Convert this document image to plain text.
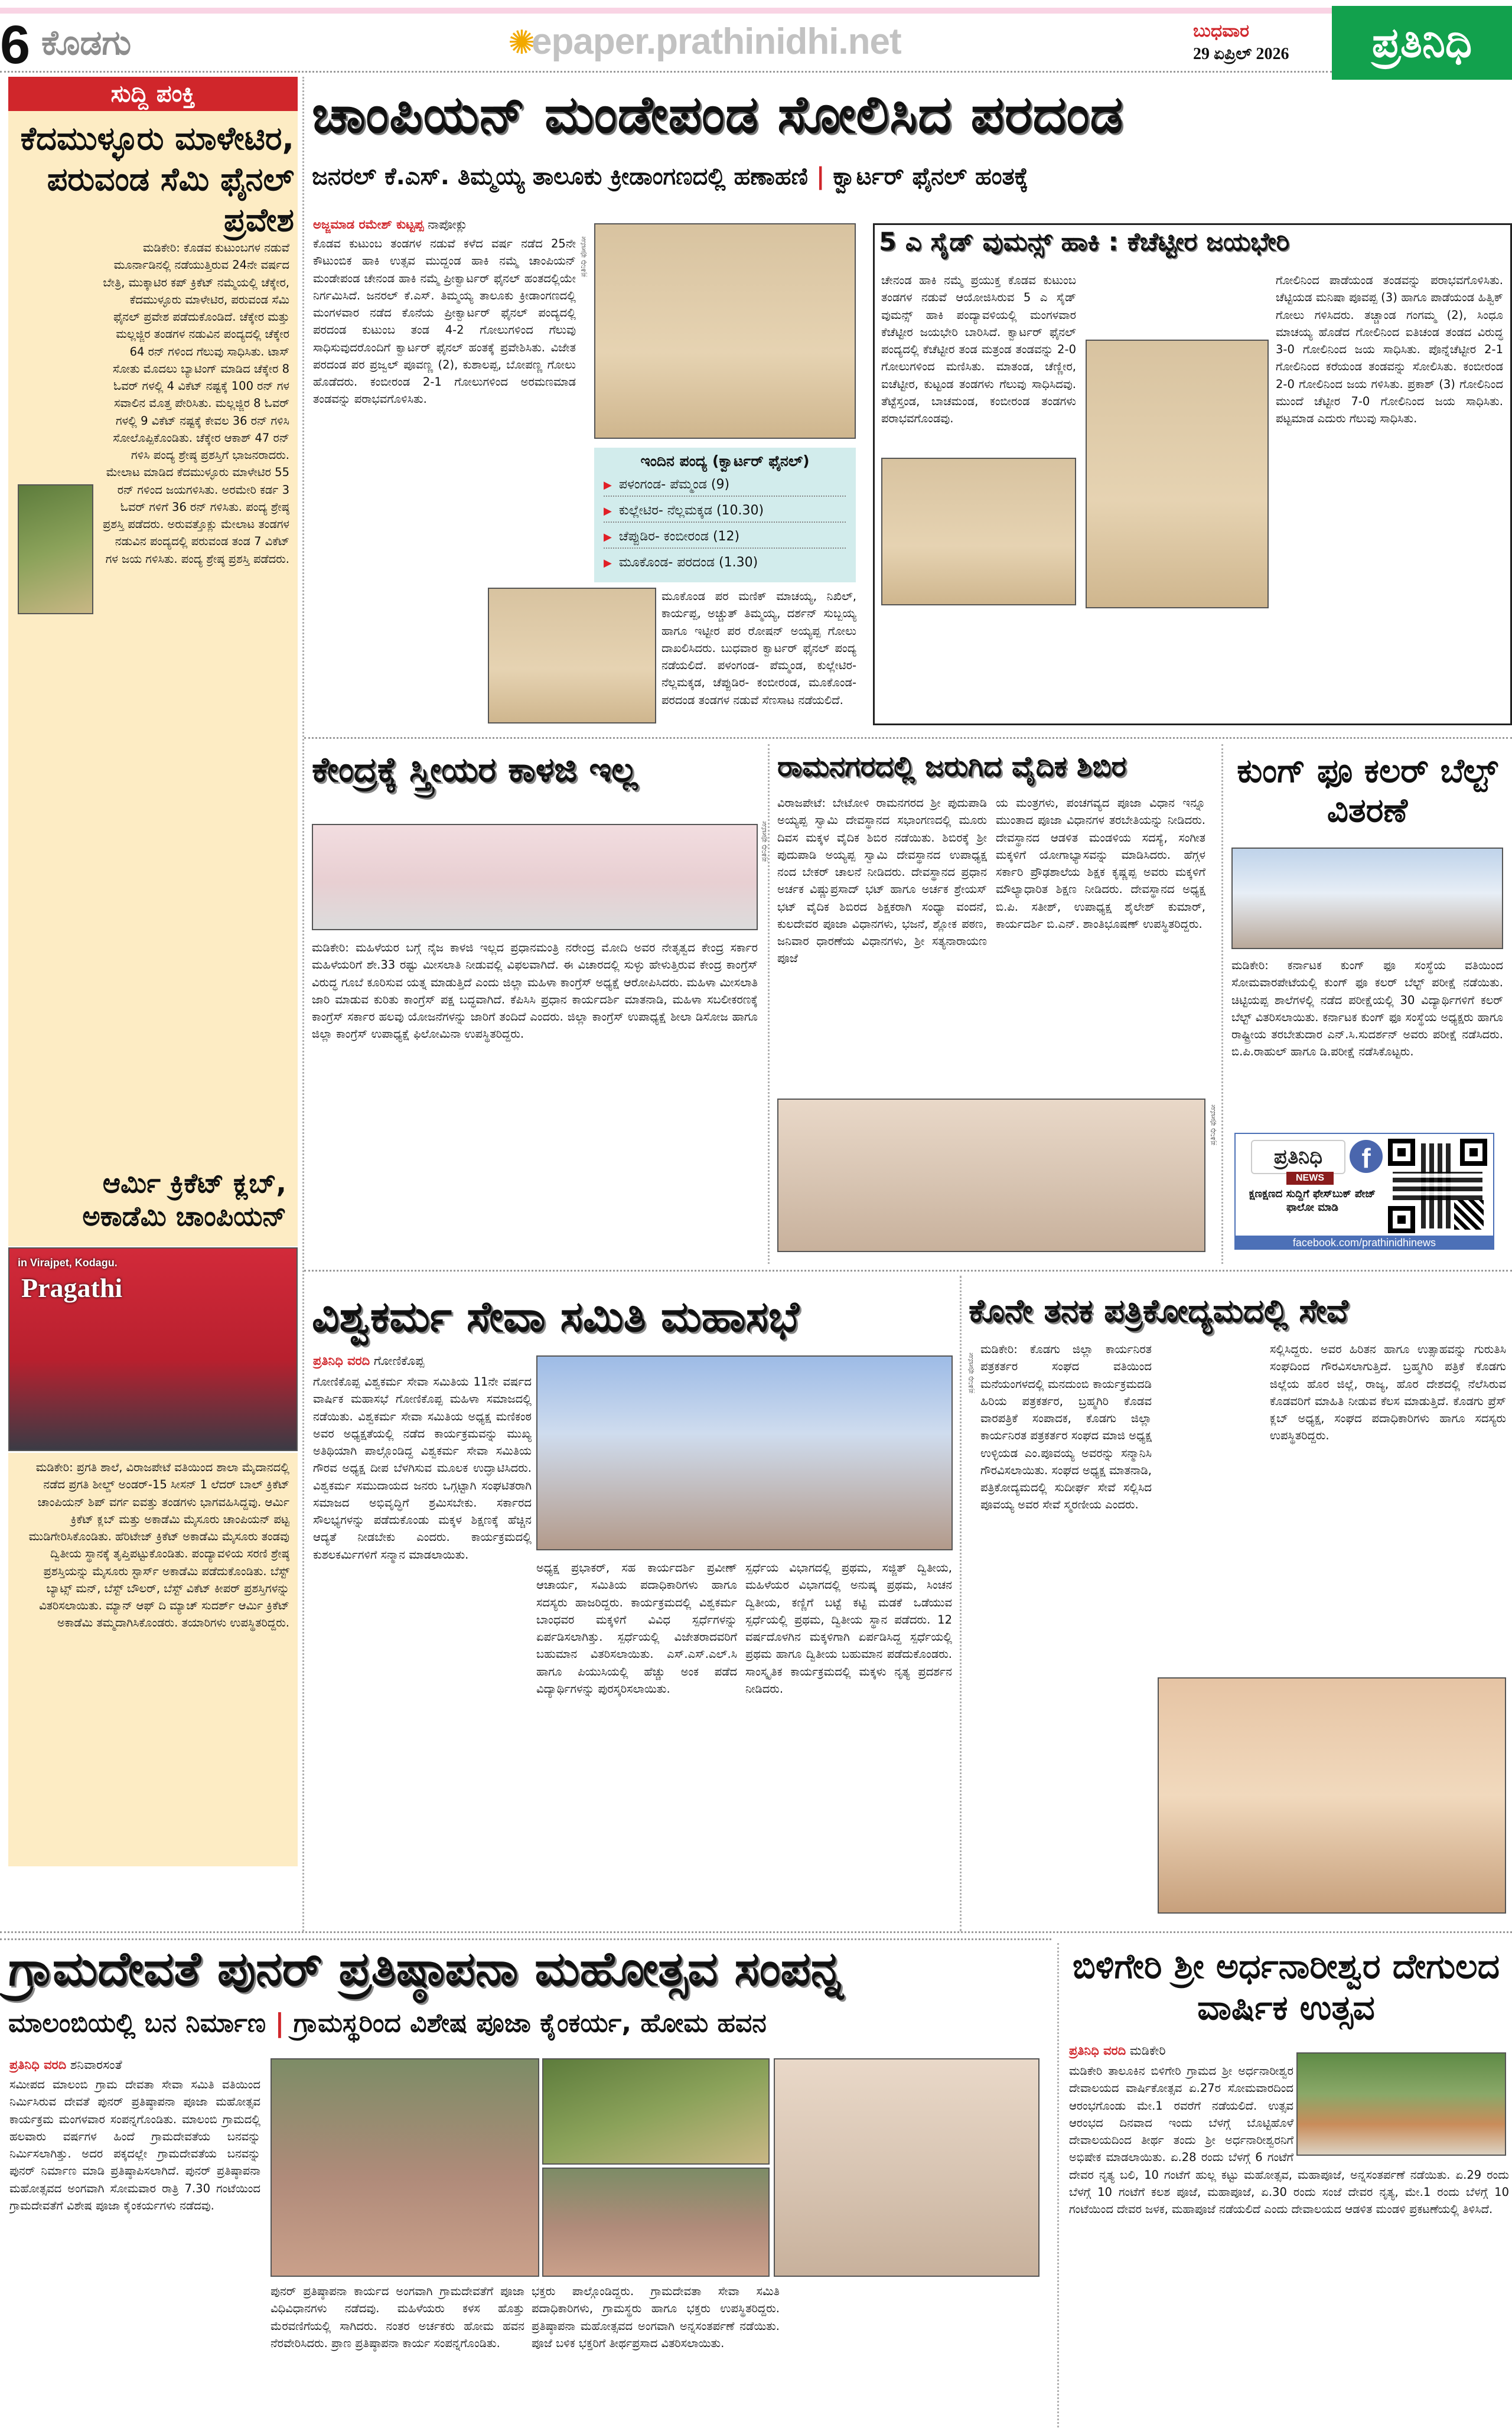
6 ಕೊಡಗು	✺
epaper.prathinidhi.net	ಬುಧವಾರ
29 ಏಪ್ರಿಲ್ 2026	ಪ್ರತಿನಿಧಿ
ಸುದ್ದಿ ಪಂಕ್ತಿ
ಕೆದಮುಳ್ಳೂರು ಮಾಳೇಟಿರ, ಪರುವಂಡ ಸೆಮಿ ಫೈನಲ್ ಪ್ರವೇಶ
ಮಡಿಕೇರಿ: ಕೊಡವ ಕುಟುಂಬಗಳ ನಡುವೆ ಮೂರ್ನಾಡಿನಲ್ಲಿ ನಡೆಯುತ್ತಿರುವ 24ನೇ ವರ್ಷದ ಬೇತ್ರಿ, ಮುಕ್ಕಾಟಿರ ಕಪ್ ಕ್ರಿಕೆಟ್ ನಮ್ಮೆಯಲ್ಲಿ ಚೆಕ್ಕೇರ, ಕೆದಮುಳ್ಳೂರು ಮಾಳೇಟಿರ, ಪರುವಂಡ ಸೆಮಿ ಫೈನಲ್ ಪ್ರವೇಶ ಪಡೆದುಕೊಂಡಿದೆ. ಚೆಕ್ಕೇರ ಮತ್ತು ಮಲ್ಲಜ್ಜಿರ ತಂಡಗಳ ನಡುವಿನ ಪಂದ್ಯದಲ್ಲಿ ಚೆಕ್ಕೇರ 64 ರನ್ ಗಳಿಂದ ಗೆಲುವು ಸಾಧಿಸಿತು. ಟಾಸ್ ಸೋತು ಮೊದಲು ಬ್ಯಾಟಿಂಗ್ ಮಾಡಿದ ಚೆಕ್ಕೇರ 8 ಓವರ್ ಗಳಲ್ಲಿ 4 ವಿಕೆಟ್ ನಷ್ಟಕ್ಕೆ 100 ರನ್ ಗಳ ಸವಾಲಿನ ಮೊತ್ತ ಪೇರಿಸಿತು. ಮಲ್ಲಜ್ಜಿರ 8 ಓವರ್ ಗಳಲ್ಲಿ 9 ವಿಕೆಟ್ ನಷ್ಟಕ್ಕೆ ಕೇವಲ 36 ರನ್ ಗಳಿಸಿ ಸೋಲೊಪ್ಪಿಕೊಂಡಿತು. ಚೆಕ್ಕೇರ ಆಕಾಶ್ 47 ರನ್ ಗಳಿಸಿ ಪಂದ್ಯ ಶ್ರೇಷ್ಠ ಪ್ರಶಸ್ತಿಗೆ ಭಾಜನರಾದರು. ಮೇಲಾಟ ಮಾಡಿದ ಕೆದಮುಳ್ಳೂರು ಮಾಳೇಟಿರ 55 ರನ್ ಗಳಿಂದ ಜಯಗಳಿಸಿತು. ಅರಮೇರಿ ಕರ್ಡ 3 ಓವರ್ ಗಳಿಗೆ 36 ರನ್ ಗಳಿಸಿತು. ಪಂದ್ಯ ಶ್ರೇಷ್ಠ ಪ್ರಶಸ್ತಿ ಪಡೆದರು. ಅರುವತ್ತೊಕ್ಲು ಮೇಲಾಟ ತಂಡಗಳ ನಡುವಿನ ಪಂದ್ಯದಲ್ಲಿ ಪರುವಂಡ ತಂಡ 7 ವಿಕೆಟ್ ಗಳ ಜಯ ಗಳಿಸಿತು. ಪಂದ್ಯ ಶ್ರೇಷ್ಠ ಪ್ರಶಸ್ತಿ ಪಡೆದರು.
ಆರ್ಮಿ ಕ್ರಿಕೆಟ್ ಕ್ಲಬ್, ಅಕಾಡೆಮಿ ಚಾಂಪಿಯನ್
in Virajpet, Kodagu.
Pragathi
ಮಡಿಕೇರಿ: ಪ್ರಗತಿ ಶಾಲೆ, ವಿರಾಜಪೇಟೆ ವತಿಯಿಂದ ಶಾಲಾ ಮೈದಾನದಲ್ಲಿ ನಡೆದ ಪ್ರಗತಿ ಶೀಲ್ಡ್ ಅಂಡರ್-15 ಸೀಸನ್ 1 ಲೆದರ್ ಬಾಲ್ ಕ್ರಿಕೆಟ್ ಚಾಂಪಿಯನ್ ಶಿಪ್ ವರ್ಗ ಐವತ್ತು ತಂಡಗಳು ಭಾಗವಹಿಸಿದ್ದವು. ಆರ್ಮಿ ಕ್ರಿಕೆಟ್ ಕ್ಲಬ್ ಮತ್ತು ಅಕಾಡೆಮಿ ಮೈಸೂರು ಚಾಂಪಿಯನ್ ಪಟ್ಟ ಮುಡಿಗೇರಿಸಿಕೊಂಡಿತು. ಹೆರಿಟೇಜ್ ಕ್ರಿಕೆಟ್ ಅಕಾಡೆಮಿ ಮೈಸೂರು ತಂಡವು ದ್ವಿತೀಯ ಸ್ಥಾನಕ್ಕೆ ತೃಪ್ತಿಪಟ್ಟುಕೊಂಡಿತು. ಪಂದ್ಯಾವಳಿಯ ಸರಣಿ ಶ್ರೇಷ್ಠ ಪ್ರಶಸ್ತಿಯನ್ನು ಮೈಸೂರು ಸ್ಟಾರ್ಸ್ ಅಕಾಡೆಮಿ ಪಡೆದುಕೊಂಡಿತು. ಬೆಸ್ಟ್ ಬ್ಯಾಟ್ಸ್ ಮನ್, ಬೆಸ್ಟ್ ಬೌಲರ್, ಬೆಸ್ಟ್ ವಿಕೆಟ್ ಕೀಪರ್ ಪ್ರಶಸ್ತಿಗಳನ್ನು ವಿತರಿಸಲಾಯಿತು. ಮ್ಯಾನ್ ಆಫ್ ದಿ ಮ್ಯಾಚ್ ಸುದರ್ಶ್ ಆರ್ಮಿ ಕ್ರಿಕೆಟ್ ಅಕಾಡೆಮಿ ತಮ್ಮದಾಗಿಸಿಕೊಂಡರು. ತಯಾರಿಗಳು ಉಪಸ್ಥಿತರಿದ್ದರು.
ಚಾಂಪಿಯನ್ ಮಂಡೇಪಂಡ ಸೋಲಿಸಿದ ಪರದಂಡ
ಜನರಲ್ ಕೆ.ಎಸ್. ತಿಮ್ಮಯ್ಯ ತಾಲೂಕು ಕ್ರೀಡಾಂಗಣದಲ್ಲಿ ಹಣಾಹಣಿ | ಕ್ವಾರ್ಟರ್ ಫೈನಲ್ ಹಂತಕ್ಕೆ
ಅಜ್ಜಮಾಡ ರಮೇಶ್ ಕುಟ್ಟಪ್ಪ ನಾಪೋಕ್ಲು
ಕೊಡವ ಕುಟುಂಬ ತಂಡಗಳ ನಡುವೆ ಕಳೆದ ವರ್ಷ ನಡೆದ 25ನೇ ಕೌಟುಂಬಿಕ ಹಾಕಿ ಉತ್ಸವ ಮುದ್ದಂಡ ಹಾಕಿ ನಮ್ಮೆ ಚಾಂಪಿಯನ್ ಮಂಡೇಪಂಡ ಚೇನಂಡ ಹಾಕಿ ನಮ್ಮೆ ಪ್ರೀಕ್ವಾರ್ಟರ್ ಫೈನಲ್ ಹಂತದಲ್ಲಿಯೇ ನಿರ್ಗಮಿಸಿದೆ. ಜನರಲ್ ಕೆ.ಎಸ್. ತಿಮ್ಮಯ್ಯ ತಾಲೂಕು ಕ್ರೀಡಾಂಗಣದಲ್ಲಿ ಮಂಗಳವಾರ ನಡೆದ ಕೊನೆಯ ಪ್ರೀಕ್ವಾರ್ಟರ್ ಫೈನಲ್ ಪಂದ್ಯದಲ್ಲಿ ಪರದಂಡ ಕುಟುಂಬ ತಂಡ 4-2 ಗೋಲುಗಳಿಂದ ಗೆಲುವು ಸಾಧಿಸುವುದರೊಂದಿಗೆ ಕ್ವಾರ್ಟರ್ ಫೈನಲ್ ಹಂತಕ್ಕೆ ಪ್ರವೇಶಿಸಿತು. ವಿಜೇತ ಪರದಂಡ ಪರ ಪ್ರಜ್ವಲ್ ಪೂವಣ್ಣ (2), ಕುಶಾಲಪ್ಪ, ಬೋಪಣ್ಣ ಗೋಲು ಹೊಡೆದರು. ಕಂಬೀರಂಡ 2-1 ಗೋಲುಗಳಿಂದ ಅರಮಣಮಾಡ ತಂಡವನ್ನು ಪರಾಭವಗೊಳಿಸಿತು.
ಪ್ರತಿನಿಧಿ ಫೋಟೋ
ಇಂದಿನ ಪಂದ್ಯ (ಕ್ವಾರ್ಟರ್ ಫೈನಲ್)
▶ ಪಳಂಗಂಡ- ಪೆಮ್ಮಂಡ (9)
▶ ಕುಲ್ಲೇಟಿರ- ನೆಲ್ಲಮಕ್ಕಡ (10.30)
▶ ಚೆಪ್ಪುಡಿರ- ಕಂಬೀರಂಡ (12)
▶ ಮೂಕೊಂಡ- ಪರದಂಡ (1.30)
ಮೂಕೊಂಡ ಪರ ಮಣಿಕ್ ಮಾಚಯ್ಯ, ನಿಖಿಲ್, ಕಾರ್ಯಪ್ಪ, ಅಚ್ಚುತ್ ತಿಮ್ಮಯ್ಯ, ದರ್ಶನ್ ಸುಬ್ಬಯ್ಯ ಹಾಗೂ ಇಟ್ಟೀರ ಪರ ರೋಷನ್ ಅಯ್ಯಪ್ಪ ಗೋಲು ದಾಖಲಿಸಿದರು. ಬುಧವಾರ ಕ್ವಾರ್ಟರ್ ಫೈನಲ್ ಪಂದ್ಯ ನಡೆಯಲಿದೆ. ಪಳಂಗಂಡ- ಪೆಮ್ಮಂಡ, ಕುಲ್ಲೇಟಿರ- ನೆಲ್ಲಮಕ್ಕಡ, ಚೆಪ್ಪುಡಿರ- ಕಂಬೀರಂಡ, ಮೂಕೊಂಡ- ಪರದಂಡ ತಂಡಗಳ ನಡುವೆ ಸೆಣಸಾಟ ನಡೆಯಲಿದೆ.
5 ಎ ಸೈಡ್ ವುಮನ್ಸ್ ಹಾಕಿ : ಕೆಚೆಟ್ಟೀರ ಜಯಭೇರಿ
ಚೇನಂಡ ಹಾಕಿ ನಮ್ಮೆ ಪ್ರಯುಕ್ತ ಕೊಡವ ಕುಟುಂಬ ತಂಡಗಳ ನಡುವೆ ಆಯೋಜಿಸಿರುವ 5 ಎ ಸೈಡ್ ವುಮನ್ಸ್ ಹಾಕಿ ಪಂದ್ಯಾವಳಿಯಲ್ಲಿ ಮಂಗಳವಾರ ಕೆಚೆಟ್ಟೀರ ಜಯಭೇರಿ ಬಾರಿಸಿದೆ. ಕ್ವಾರ್ಟರ್ ಫೈನಲ್ ಪಂದ್ಯದಲ್ಲಿ ಕೆಚೆಟ್ಟೀರ ತಂಡ ಮತ್ರಂಡ ತಂಡವನ್ನು 2-0 ಗೋಲುಗಳಿಂದ ಮಣಿಸಿತು. ಮಾತಂಡ, ಚೆಣ್ಣೀರ, ಐಚೆಟ್ಟೀರ, ಕುಟ್ಟಂಡ ತಂಡಗಳು ಗೆಲುವು ಸಾಧಿಸಿದವು. ತೆಟ್ಟೆಸ್ತಂಡ, ಬಾಚಮಂಡ, ಕಂಬೀರಂಡ ತಂಡಗಳು ಪರಾಭವಗೊಂಡವು.
ಗೋಲಿನಿಂದ ಪಾಡೆಯಂಡ ತಂಡವನ್ನು ಪರಾಭವಗೊಳಿಸಿತು. ಚೆಟ್ಟಿಯಡ ಮನಿಷಾ ಪೂವಪ್ಪ (3) ಹಾಗೂ ಪಾಡೆಯಂಡ ಹಿತ್ವಿಕ್ ಗೋಲು ಗಳಿಸಿದರು. ತಚ್ಚಾಂಡ ಗಂಗಮ್ಮ (2), ಸಿಂಧೂ ಮಾಚಯ್ಯ ಹೊಡೆದ ಗೋಲಿನಿಂದ ಐತಿಚಂಡ ತಂಡದ ವಿರುದ್ಧ 3-0 ಗೋಲಿನಿಂದ ಜಯ ಸಾಧಿಸಿತು. ಪೊನ್ನೆಚೆಟ್ಟೀರ 2-1 ಗೋಲಿನಿಂದ ಕರೆಯಂಡ ತಂಡವನ್ನು ಸೋಲಿಸಿತು. ಕಂಬೀರಂಡ 2-0 ಗೋಲಿನಿಂದ ಜಯ ಗಳಿಸಿತು. ಪ್ರಕಾಶ್ (3) ಗೋಲಿನಿಂದ ಮುಂದೆ ಚೆಟ್ಟೀರ 7-0 ಗೋಲಿನಿಂದ ಜಯ ಸಾಧಿಸಿತು. ಪಟ್ಟಮಾಡ ಎದುರು ಗೆಲುವು ಸಾಧಿಸಿತು.
ಕೇಂದ್ರಕ್ಕೆ ಸ್ತ್ರೀಯರ ಕಾಳಜಿ ಇಲ್ಲ
ಪ್ರತಿನಿಧಿ ಫೋಟೋ
ಮಡಿಕೇರಿ: ಮಹಿಳೆಯರ ಬಗ್ಗೆ ನೈಜ ಕಾಳಜಿ ಇಲ್ಲದ ಪ್ರಧಾನಮಂತ್ರಿ ನರೇಂದ್ರ ಮೋದಿ ಅವರ ನೇತೃತ್ವದ ಕೇಂದ್ರ ಸರ್ಕಾರ ಮಹಿಳೆಯರಿಗೆ ಶೇ.33 ರಷ್ಟು ಮೀಸಲಾತಿ ನೀಡುವಲ್ಲಿ ವಿಫಲವಾಗಿದೆ. ಈ ವಿಚಾರದಲ್ಲಿ ಸುಳ್ಳು ಹೇಳುತ್ತಿರುವ ಕೇಂದ್ರ ಕಾಂಗ್ರೆಸ್ ವಿರುದ್ಧ ಗೂಬೆ ಕೂರಿಸುವ ಯತ್ನ ಮಾಡುತ್ತಿದೆ ಎಂದು ಜಿಲ್ಲಾ ಮಹಿಳಾ ಕಾಂಗ್ರೆಸ್ ಅಧ್ಯಕ್ಷೆ ಆರೋಪಿಸಿದರು. ಮಹಿಳಾ ಮೀಸಲಾತಿ ಜಾರಿ ಮಾಡುವ ಕುರಿತು ಕಾಂಗ್ರೆಸ್ ಪಕ್ಷ ಬದ್ಧವಾಗಿದೆ. ಕೆಪಿಸಿಸಿ ಪ್ರಧಾನ ಕಾರ್ಯದರ್ಶಿ ಮಾತನಾಡಿ, ಮಹಿಳಾ ಸಬಲೀಕರಣಕ್ಕೆ ಕಾಂಗ್ರೆಸ್ ಸರ್ಕಾರ ಹಲವು ಯೋಜನೆಗಳನ್ನು ಜಾರಿಗೆ ತಂದಿದೆ ಎಂದರು. ಜಿಲ್ಲಾ ಕಾಂಗ್ರೆಸ್ ಉಪಾಧ್ಯಕ್ಷೆ ಶೀಲಾ ಡಿಸೋಜ ಹಾಗೂ ಜಿಲ್ಲಾ ಕಾಂಗ್ರೆಸ್ ಉಪಾಧ್ಯಕ್ಷೆ ಫಿಲೋಮಿನಾ ಉಪಸ್ಥಿತರಿದ್ದರು.
ರಾಮನಗರದಲ್ಲಿ ಜರುಗಿದ ವೈದಿಕ ಶಿಬಿರ
ವಿರಾಜಪೇಟೆ: ಬೇಟೋಳಿ ರಾಮನಗರದ ಶ್ರೀ ಪುದುಪಾಡಿ ಅಯ್ಯಪ್ಪ ಸ್ವಾಮಿ ದೇವಸ್ಥಾನದ ಸಭಾಂಗಣದಲ್ಲಿ ಮೂರು ದಿವಸ ಮಕ್ಕಳ ವೈದಿಕ ಶಿಬಿರ ನಡೆಯಿತು. ಶಿಬಿರಕ್ಕೆ ಶ್ರೀ ಪುದುಪಾಡಿ ಅಯ್ಯಪ್ಪ ಸ್ವಾಮಿ ದೇವಸ್ಥಾನದ ಉಪಾಧ್ಯಕ್ಷ ನಂದ ಬೇಕರ್ ಚಾಲನೆ ನೀಡಿದರು. ದೇವಸ್ಥಾನದ ಪ್ರಧಾನ ಅರ್ಚಕ ವಿಷ್ಣುಪ್ರಸಾದ್ ಭಟ್ ಹಾಗೂ ಅರ್ಚಕ ಶ್ರೇಯಸ್ ಭಟ್ ವೈದಿಕ ಶಿಬಿರದ ಶಿಕ್ಷಕರಾಗಿ ಸಂಧ್ಯಾ ವಂದನೆ, ಕುಲದೇವರ ಪೂಜಾ ವಿಧಾನಗಳು, ಭಜನೆ, ಶ್ಲೋಕ ಪಠಣ, ಜನಿವಾರ ಧಾರಣೆಯ ವಿಧಾನಗಳು, ಶ್ರೀ ಸತ್ಯನಾರಾಯಣ ಪೂಜೆ
ಯ ಮಂತ್ರಗಳು, ಪಂಚಗವ್ಯದ ಪೂಜಾ ವಿಧಾನ ಇನ್ನೂ ಮುಂತಾದ ಪೂಜಾ ವಿಧಾನಗಳ ತರಬೇತಿಯನ್ನು ನೀಡಿದರು. ದೇವಸ್ಥಾನದ ಆಡಳಿತ ಮಂಡಳಿಯ ಸದಸ್ಯೆ, ಸಂಗೀತ ಮಕ್ಕಳಿಗೆ ಯೋಗಾಭ್ಯಾಸವನ್ನು ಮಾಡಿಸಿದರು. ಹೆಗ್ಗಳ ಸರ್ಕಾರಿ ಪ್ರೌಢಶಾಲೆಯ ಶಿಕ್ಷಕ ಕೃಷ್ಣಪ್ಪ ಅವರು ಮಕ್ಕಳಿಗೆ ಮೌಲ್ಯಾಧಾರಿತ ಶಿಕ್ಷಣ ನೀಡಿದರು. ದೇವಸ್ಥಾನದ ಅಧ್ಯಕ್ಷ ಬಿ.ಪಿ. ಸತೀಶ್, ಉಪಾಧ್ಯಕ್ಷ ಶೈಲೇಶ್ ಕುಮಾರ್, ಕಾರ್ಯದರ್ಶಿ ಬಿ.ಎನ್. ಶಾಂತಿಭೂಷಣ್ ಉಪಸ್ಥಿತರಿದ್ದರು.
ಪ್ರತಿನಿಧಿ ಫೋಟೋ
ಕುಂಗ್ ಫೂ ಕಲರ್ ಬೆಲ್ಟ್ ವಿತರಣೆ
ಮಡಿಕೇರಿ: ಕರ್ನಾಟಕ ಕುಂಗ್ ಫೂ ಸಂಸ್ಥೆಯ ವತಿಯಿಂದ ಸೋಮವಾರಪೇಟೆಯಲ್ಲಿ ಕುಂಗ್ ಫೂ ಕಲರ್ ಬೆಲ್ಟ್ ಪರೀಕ್ಷೆ ನಡೆಯಿತು. ಚಿಟ್ಟಿಯಪ್ಪ ಶಾಲೆಗಳಲ್ಲಿ ನಡೆದ ಪರೀಕ್ಷೆಯಲ್ಲಿ 30 ವಿದ್ಯಾರ್ಥಿಗಳಿಗೆ ಕಲರ್ ಬೆಲ್ಟ್ ವಿತರಿಸಲಾಯಿತು. ಕರ್ನಾಟಕ ಕುಂಗ್ ಫೂ ಸಂಸ್ಥೆಯ ಅಧ್ಯಕ್ಷರು ಹಾಗೂ ರಾಷ್ಟ್ರೀಯ ತರಬೇತುದಾರ ಎನ್.ಸಿ.ಸುದರ್ಶನ್ ಅವರು ಪರೀಕ್ಷೆ ನಡೆಸಿದರು. ಬಿ.ಪಿ.ರಾಹುಲ್ ಹಾಗೂ ಡಿ.ಪರೀಕ್ಷೆ ನಡೆಸಿಕೊಟ್ಟರು.
ಪ್ರತಿನಿಧಿ
NEWS
f
ಕ್ಷಣಕ್ಷಣದ ಸುದ್ದಿಗೆ ಫೇಸ್‌ಬುಕ್ ಪೇಜ್ ಫಾಲೋ ಮಾಡಿ
facebook.com/prathinidhinews
ವಿಶ್ವಕರ್ಮ ಸೇವಾ ಸಮಿತಿ ಮಹಾಸಭೆ
ಪ್ರತಿನಿಧಿ ವರದಿ ಗೋಣಿಕೊಪ್ಪ
ಗೋಣಿಕೊಪ್ಪ ವಿಶ್ವಕರ್ಮ ಸೇವಾ ಸಮಿತಿಯ 11ನೇ ವರ್ಷದ ವಾರ್ಷಿಕ ಮಹಾಸಭೆ ಗೋಣಿಕೊಪ್ಪ ಮಹಿಳಾ ಸಮಾಜದಲ್ಲಿ ನಡೆಯಿತು. ವಿಶ್ವಕರ್ಮ ಸೇವಾ ಸಮಿತಿಯ ಅಧ್ಯಕ್ಷ ಮಣಿಕಂಠ ಅವರ ಅಧ್ಯಕ್ಷತೆಯಲ್ಲಿ ನಡೆದ ಕಾರ್ಯಕ್ರಮವನ್ನು ಮುಖ್ಯ ಅತಿಥಿಯಾಗಿ ಪಾಲ್ಗೊಂಡಿದ್ದ ವಿಶ್ವಕರ್ಮ ಸೇವಾ ಸಮಿತಿಯ ಗೌರವ ಅಧ್ಯಕ್ಷ ದೀಪ ಬೆಳಗಿಸುವ ಮೂಲಕ ಉದ್ಘಾಟಿಸಿದರು. ವಿಶ್ವಕರ್ಮ ಸಮುದಾಯದ ಜನರು ಒಗ್ಗಟ್ಟಾಗಿ ಸಂಘಟಿತರಾಗಿ ಸಮಾಜದ ಅಭಿವೃದ್ಧಿಗೆ ಶ್ರಮಿಸಬೇಕು. ಸರ್ಕಾರದ ಸೌಲಭ್ಯಗಳನ್ನು ಪಡೆದುಕೊಂಡು ಮಕ್ಕಳ ಶಿಕ್ಷಣಕ್ಕೆ ಹೆಚ್ಚಿನ ಆದ್ಯತೆ ನೀಡಬೇಕು ಎಂದರು. ಕಾರ್ಯಕ್ರಮದಲ್ಲಿ ಕುಶಲಕರ್ಮಿಗಳಿಗೆ ಸನ್ಮಾನ ಮಾಡಲಾಯಿತು.
ಅಧ್ಯಕ್ಷ ಪ್ರಭಾಕರ್, ಸಹ ಕಾರ್ಯದರ್ಶಿ ಪ್ರವೀಣ್ ಆಚಾರ್ಯ, ಸಮಿತಿಯ ಪದಾಧಿಕಾರಿಗಳು ಹಾಗೂ ಸದಸ್ಯರು ಹಾಜರಿದ್ದರು. ಕಾರ್ಯಕ್ರಮದಲ್ಲಿ ವಿಶ್ವಕರ್ಮ ಬಾಂಧವರ ಮಕ್ಕಳಿಗೆ ವಿವಿಧ ಸ್ಪರ್ಧೆಗಳನ್ನು ಏರ್ಪಡಿಸಲಾಗಿತ್ತು. ಸ್ಪರ್ಧೆಯಲ್ಲಿ ವಿಜೇತರಾದವರಿಗೆ ಬಹುಮಾನ ವಿತರಿಸಲಾಯಿತು. ಎಸ್.ಎಸ್.ಎಲ್.ಸಿ ಹಾಗೂ ಪಿಯುಸಿಯಲ್ಲಿ ಹೆಚ್ಚು ಅಂಕ ಪಡೆದ ವಿದ್ಯಾರ್ಥಿಗಳನ್ನು ಪುರಸ್ಕರಿಸಲಾಯಿತು.
ಸ್ಪರ್ಧೆಯ ವಿಭಾಗದಲ್ಲಿ ಪ್ರಥಮ, ಸಜ್ಜಿತ್ ದ್ವಿತೀಯ, ಮಹಿಳೆಯರ ವಿಭಾಗದಲ್ಲಿ ಅನುಷ್ಕ ಪ್ರಥಮ, ಸಿಂಚನ ದ್ವಿತೀಯ, ಕಣ್ಣಿಗೆ ಬಟ್ಟೆ ಕಟ್ಟಿ ಮಡಕೆ ಒಡೆಯುವ ಸ್ಪರ್ಧೆಯಲ್ಲಿ ಪ್ರಥಮ, ದ್ವಿತೀಯ ಸ್ಥಾನ ಪಡೆದರು. 12 ವರ್ಷದೊಳಗಿನ ಮಕ್ಕಳಿಗಾಗಿ ಏರ್ಪಡಿಸಿದ್ದ ಸ್ಪರ್ಧೆಯಲ್ಲಿ ಪ್ರಥಮ ಹಾಗೂ ದ್ವಿತೀಯ ಬಹುಮಾನ ಪಡೆದುಕೊಂಡರು. ಸಾಂಸ್ಕೃತಿಕ ಕಾರ್ಯಕ್ರಮದಲ್ಲಿ ಮಕ್ಕಳು ನೃತ್ಯ ಪ್ರದರ್ಶನ ನೀಡಿದರು.
ಕೊನೇ ತನಕ ಪತ್ರಿಕೋದ್ಯಮದಲ್ಲಿ ಸೇವೆ
ಪ್ರತಿನಿಧಿ ಫೋಟೋ
ಮಡಿಕೇರಿ: ಕೊಡಗು ಜಿಲ್ಲಾ ಕಾರ್ಯನಿರತ ಪತ್ರಕರ್ತರ ಸಂಘದ ವತಿಯಿಂದ ಮನೆಯಂಗಳದಲ್ಲಿ ಮನದುಂಬಿ ಕಾರ್ಯಕ್ರಮದಡಿ ಹಿರಿಯ ಪತ್ರಕರ್ತರ, ಬ್ರಹ್ಮಗಿರಿ ಕೊಡವ ವಾರಪತ್ರಿಕೆ ಸಂಪಾದಕ, ಕೊಡಗು ಜಿಲ್ಲಾ ಕಾರ್ಯನಿರತ ಪತ್ರಕರ್ತರ ಸಂಘದ ಮಾಜಿ ಅಧ್ಯಕ್ಷ ಉಳ್ಳಿಯಡ ಎಂ.ಪೂವಯ್ಯ ಅವರನ್ನು ಸನ್ಮಾನಿಸಿ ಗೌರವಿಸಲಾಯಿತು. ಸಂಘದ ಅಧ್ಯಕ್ಷ ಮಾತನಾಡಿ, ಪತ್ರಿಕೋದ್ಯಮದಲ್ಲಿ ಸುದೀರ್ಘ ಸೇವೆ ಸಲ್ಲಿಸಿದ ಪೂವಯ್ಯ ಅವರ ಸೇವೆ ಸ್ಮರಣೀಯ ಎಂದರು.
ಸಲ್ಲಿಸಿದ್ದರು. ಅವರ ಹಿರಿತನ ಹಾಗೂ ಉತ್ಸಾಹವನ್ನು ಗುರುತಿಸಿ ಸಂಘದಿಂದ ಗೌರವಿಸಲಾಗುತ್ತಿದೆ. ಬ್ರಹ್ಮಗಿರಿ ಪತ್ರಿಕೆ ಕೊಡಗು ಜಿಲ್ಲೆಯ ಹೊರ ಜಿಲ್ಲೆ, ರಾಜ್ಯ, ಹೊರ ದೇಶದಲ್ಲಿ ನೆಲೆಸಿರುವ ಕೊಡವರಿಗೆ ಮಾಹಿತಿ ನೀಡುವ ಕೆಲಸ ಮಾಡುತ್ತಿದೆ. ಕೊಡಗು ಪ್ರೆಸ್ ಕ್ಲಬ್ ಅಧ್ಯಕ್ಷ, ಸಂಘದ ಪದಾಧಿಕಾರಿಗಳು ಹಾಗೂ ಸದಸ್ಯರು ಉಪಸ್ಥಿತರಿದ್ದರು.
ಗ್ರಾಮದೇವತೆ ಪುನರ್ ಪ್ರತಿಷ್ಠಾಪನಾ ಮಹೋತ್ಸವ ಸಂಪನ್ನ
ಮಾಲಂಬಿಯಲ್ಲಿ ಬನ ನಿರ್ಮಾಣ | ಗ್ರಾಮಸ್ಥರಿಂದ ವಿಶೇಷ ಪೂಜಾ ಕೈಂಕರ್ಯ, ಹೋಮ ಹವನ
ಪ್ರತಿನಿಧಿ ವರದಿ ಶನಿವಾರಸಂತೆ
ಸಮೀಪದ ಮಾಲಂಬಿ ಗ್ರಾಮ ದೇವತಾ ಸೇವಾ ಸಮಿತಿ ವತಿಯಿಂದ ನಿರ್ಮಿಸಿರುವ ದೇವತೆ ಪುನರ್ ಪ್ರತಿಷ್ಠಾಪನಾ ಪೂಜಾ ಮಹೋತ್ಸವ ಕಾರ್ಯಕ್ರಮ ಮಂಗಳವಾರ ಸಂಪನ್ನಗೊಂಡಿತು. ಮಾಲಂಬಿ ಗ್ರಾಮದಲ್ಲಿ ಹಲವಾರು ವರ್ಷಗಳ ಹಿಂದೆ ಗ್ರಾಮದೇವತೆಯ ಬನವನ್ನು ನಿರ್ಮಿಸಲಾಗಿತ್ತು. ಅದರ ಪಕ್ಕದಲ್ಲೇ ಗ್ರಾಮದೇವತೆಯ ಬನವನ್ನು ಪುನರ್ ನಿರ್ಮಾಣ ಮಾಡಿ ಪ್ರತಿಷ್ಠಾಪಿಸಲಾಗಿದೆ. ಪುನರ್ ಪ್ರತಿಷ್ಠಾಪನಾ ಮಹೋತ್ಸವದ ಅಂಗವಾಗಿ ಸೋಮವಾರ ರಾತ್ರಿ 7.30 ಗಂಟೆಯಿಂದ ಗ್ರಾಮದೇವತೆಗೆ ವಿಶೇಷ ಪೂಜಾ ಕೈಂಕರ್ಯಗಳು ನಡೆದವು.
ಪುನರ್ ಪ್ರತಿಷ್ಠಾಪನಾ ಕಾರ್ಯದ ಅಂಗವಾಗಿ ಗ್ರಾಮದೇವತೆಗೆ ಪೂಜಾ ವಿಧಿವಿಧಾನಗಳು ನಡೆದವು. ಮಹಿಳೆಯರು ಕಳಸ ಹೊತ್ತು ಮೆರವಣಿಗೆಯಲ್ಲಿ ಸಾಗಿದರು. ನಂತರ ಅರ್ಚಕರು ಹೋಮ ಹವನ ನೆರವೇರಿಸಿದರು. ಪ್ರಾಣ ಪ್ರತಿಷ್ಠಾಪನಾ ಕಾರ್ಯ ಸಂಪನ್ನಗೊಂಡಿತು.
ಭಕ್ತರು ಪಾಲ್ಗೊಂಡಿದ್ದರು. ಗ್ರಾಮದೇವತಾ ಸೇವಾ ಸಮಿತಿ ಪದಾಧಿಕಾರಿಗಳು, ಗ್ರಾಮಸ್ಥರು ಹಾಗೂ ಭಕ್ತರು ಉಪಸ್ಥಿತರಿದ್ದರು. ಪ್ರತಿಷ್ಠಾಪನಾ ಮಹೋತ್ಸವದ ಅಂಗವಾಗಿ ಅನ್ನಸಂತರ್ಪಣೆ ನಡೆಯಿತು. ಪೂಜೆ ಬಳಿಕ ಭಕ್ತರಿಗೆ ತೀರ್ಥಪ್ರಸಾದ ವಿತರಿಸಲಾಯಿತು.
ಬಿಳಿಗೇರಿ ಶ್ರೀ ಅರ್ಧನಾರೀಶ್ವರ ದೇಗುಲದ ವಾರ್ಷಿಕ ಉತ್ಸವ
ಪ್ರತಿನಿಧಿ ವರದಿ ಮಡಿಕೇರಿ
ಮಡಿಕೇರಿ ತಾಲೂಕಿನ ಬಿಳಿಗೇರಿ ಗ್ರಾಮದ ಶ್ರೀ ಅರ್ಧನಾರೀಶ್ವರ ದೇವಾಲಯದ ವಾರ್ಷಿಕೋತ್ಸವ ಏ.27ರ ಸೋಮವಾರದಿಂದ ಆರಂಭಗೊಂಡು ಮೇ.1 ರವರೆಗೆ ನಡೆಯಲಿದೆ. ಉತ್ಸವ ಆರಂಭದ ದಿನವಾದ ಇಂದು ಬೆಳಗ್ಗೆ ಬೊಟ್ಟಿಹೊಳೆ ದೇವಾಲಯದಿಂದ ತೀರ್ಥ ತಂದು ಶ್ರೀ ಅರ್ಧನಾರೀಶ್ವರನಿಗೆ ಅಭಿಷೇಕ ಮಾಡಲಾಯಿತು. ಏ.28 ರಂದು ಬೆಳಗ್ಗೆ 6 ಗಂಟೆಗೆ ದೇವರ ನೃತ್ಯ ಬಲಿ, 10 ಗಂಟೆಗೆ ಹುಲ್ಲ ಕಟ್ಟು ಮಹೋತ್ಸವ, ಮಹಾಪೂಜೆ, ಅನ್ನಸಂತರ್ಪಣೆ ನಡೆಯಿತು. ಏ.29 ರಂದು ಬೆಳಗ್ಗೆ 10 ಗಂಟೆಗೆ ಕಲಶ ಪೂಜೆ, ಮಹಾಪೂಜೆ, ಏ.30 ರಂದು ಸಂಜೆ ದೇವರ ನೃತ್ಯ, ಮೇ.1 ರಂದು ಬೆಳಗ್ಗೆ 10 ಗಂಟೆಯಿಂದ ದೇವರ ಜಳಕ, ಮಹಾಪೂಜೆ ನಡೆಯಲಿದೆ ಎಂದು ದೇವಾಲಯದ ಆಡಳಿತ ಮಂಡಳಿ ಪ್ರಕಟಣೆಯಲ್ಲಿ ತಿಳಿಸಿದೆ.
